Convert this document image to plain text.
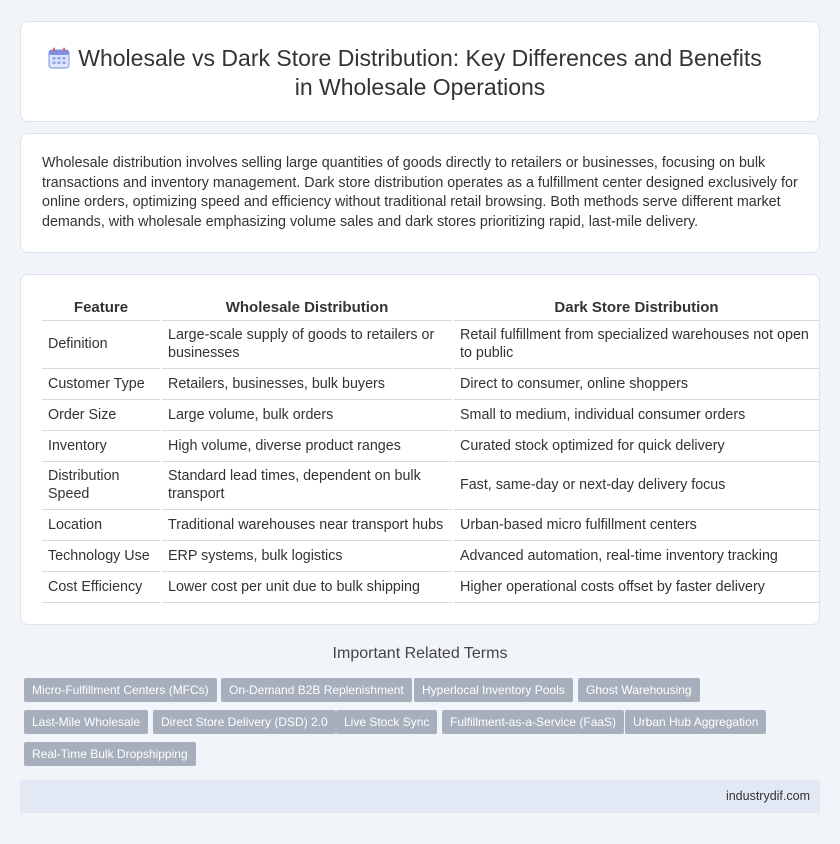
Wholesale vs Dark Store Distribution: Key Differences and Benefits
in Wholesale Operations

Wholesale distribution involves selling large quantities of goods directly to retailers or businesses, focusing on bulk transactions and inventory management. Dark store distribution operates as a fulfillment center designed exclusively for online orders, optimizing speed and efficiency without traditional retail browsing. Both methods serve different market demands, with wholesale emphasizing volume sales and dark stores prioritizing rapid, last-mile delivery.

Feature	Wholesale Distribution	Dark Store Distribution
Definition	Large-scale supply of goods to retailers or businesses	Retail fulfillment from specialized warehouses not open to public
Customer Type	Retailers, businesses, bulk buyers	Direct to consumer, online shoppers
Order Size	Large volume, bulk orders	Small to medium, individual consumer orders
Inventory	High volume, diverse product ranges	Curated stock optimized for quick delivery
Distribution Speed	Standard lead times, dependent on bulk transport	Fast, same-day or next-day delivery focus
Location	Traditional warehouses near transport hubs	Urban-based micro fulfillment centers
Technology Use	ERP systems, bulk logistics	Advanced automation, real-time inventory tracking
Cost Efficiency	Lower cost per unit due to bulk shipping	Higher operational costs offset by faster delivery
Important Related Terms
Micro-Fulfillment Centers (MFCs)	On-Demand B2B Replenishment	Hyperlocal Inventory Pools	Ghost Warehousing
Last-Mile Wholesale	Direct Store Delivery (DSD) 2.0	Live Stock Sync	Fulfillment-as-a-Service (FaaS)	Urban Hub Aggregation
Real-Time Bulk Dropshipping
industrydif.com
